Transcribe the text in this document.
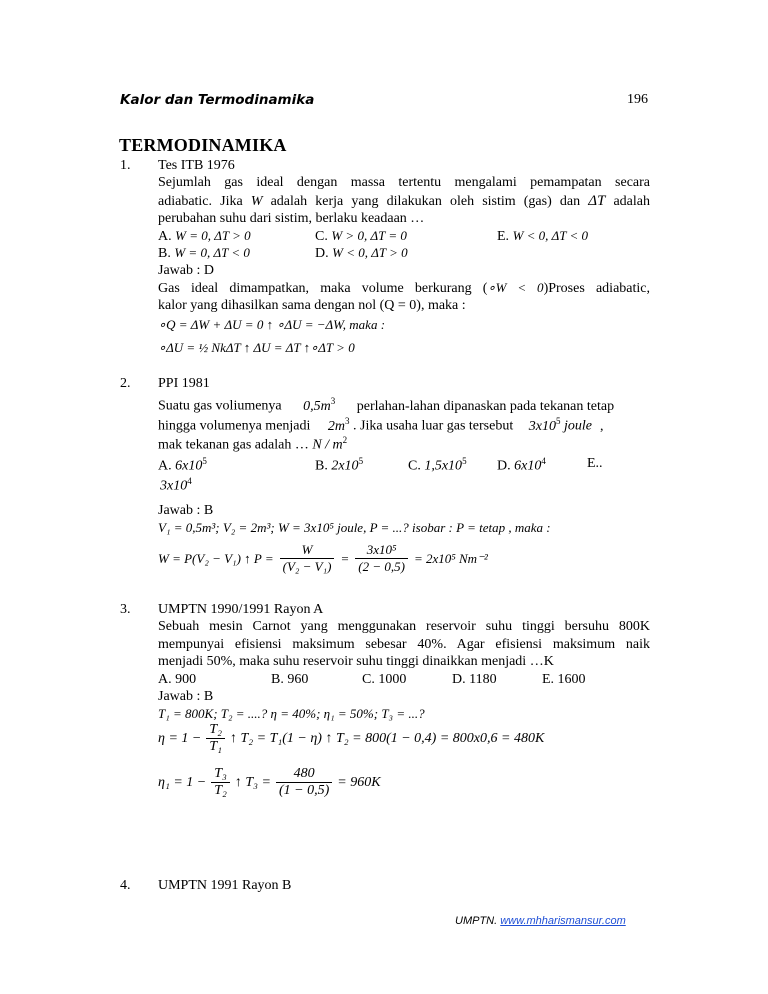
Kalor dan Termodinamika	196
TERMODINAMIKA
1. Tes ITB 1976
Sejumlah gas ideal dengan massa tertentu mengalami pemampatan secara
adiabatic. Jika W adalah kerja yang dilakukan oleh sistim (gas) dan ΔT adalah
perubahan suhu dari sistim, berlaku keadaan …
A. W = 0, ΔT > 0	C. W > 0, ΔT = 0	E. W < 0, ΔT < 0
B. W = 0, ΔT < 0	D. W < 0, ΔT > 0
Jawab : D
Gas ideal dimampatkan, maka volume berkurang (∘W < 0)Proses adiabatic,
kalor yang dihasilkan sama dengan nol (Q = 0), maka :
∘Q = ΔW + ΔU = 0 ↑ ∘ΔU = −ΔW, maka :
∘ΔU = ½ NkΔT ↑ ΔU = ΔT ↑∘ΔT > 0
2. PPI 1981
Suatu gas voliumenya $0,5m^3$ perlahan-lahan dipanaskan pada tekanan tetap
hingga volumenya menjadi $2m^3$ . Jika usaha luar gas tersebut $3x10^5$ joule ,
mak tekanan gas adalah … N / $m^2$
A. $6x10^5$	B. $2x10^5$	C. $1,5x10^5$ D. $6x10^4$	E..
$3x10^4$
Jawab : B
V₁ = 0,5m³; V₂ = 2m³; W = 3x10⁵ joule, P = ...? isobar : P = tetap , maka :
W = P(V₂ − V₁) ↑ $P = \frac{W}{\text{(V₂ − V₁)}} = \frac{\text{3x10⁵}}{(2 - 0,5)} = 2x10^5$ Nm⁻²
3. UMPTN 1990/1991 Rayon A
Sebuah mesin Carnot yang menggunakan reservoir suhu tinggi bersuhu 800K
mempunyai efisiensi maksimum sebesar 40%. Agar efisiensi maksimum naik
menjadi 50%, maka suhu reservoir suhu tinggi dinaikkan menjadi …K
A. 900	B. 960	C. 1000	D. 1180	E. 1600
Jawab : B
T₁ = 800K; T₂ = ....? η = 40%; η₁ = 50%; T₃ = ...?
$\eta = 1 - \frac{\text{T₂}}{\text{T₁}}$ ↑ T₂ = T₁(1 − η) ↑ T₂ = 800(1 − 0,4) = 800x0,6 = 480K
$\eta_1 = 1 - \frac{\text{T₃}}{\text{T₂}}$ ↑ $T_3 = \frac{480}{(1 - 0,5)} = 960K$
4. UMPTN 1991 Rayon B
UMPTN. www.mhharismansur.com
